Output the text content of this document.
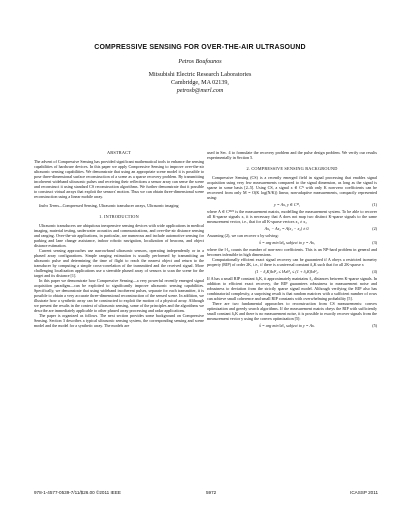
COMPRESSIVE SENSING FOR OVER-THE-AIR ULTRASOUND
Petros Boufounos
Mitsubishi Electric Research Laboratories
Cambridge, MA 02139,
petrosb@merl.com
ABSTRACT

The advent of Compressive Sensing has provided significant mathematical tools to enhance the sensing capabilities of hardware devices. In this paper we apply Compressive Sensing to improve over-the-air ultrasonic sensing capabilities. We demonstrate that using an appropriate scene model it is possible to pose three-dimensional surface reconstruction of a scene as a sparse recovery problem. By transmitting incoherent wideband ultrasonic pulses and receiving their reflections a sensor array can sense the scene and reconstruct it using standard CS reconstruction algorithms. We further demonstrate that it possible to construct virtual arrays that exploit the sensors' motion. Thus we can obtain three-dimensional scene reconstruction using a linear mobile array.

Index Terms—Compressed Sensing, Ultrasonic transducer arrays, Ultrasonic imaging

1. INTRODUCTION

Ultrasonic transducers are ubiquitous inexpensive sensing devices with wide applications in medical imaging, material testing, underwater acoustics and communications, and over-the-air distance sensing and ranging. Over-the-air applications, in particular, are numerous and include automotive sensing for parking and lane change assistance, indoor robotic navigation, localization of beacons, and object distance estimation.

Current sensing approaches use narrowband ultrasonic sensors, operating independently or in a phased array configurations. Simple ranging estimation is usually performed by transmitting an ultrasonic pulse and determining the time of flight to reach the nearest object and return to the transducer by computing a simple cross-correlation of the transmitted and the received signal. More challenging localization applications use a steerable phased array of sensors to scan the scene for the target and its distance [1].

In this paper we demonstrate how Compressive Sensing—a very powerful recently emerged signal acquisition paradigm—can be exploited to significantly improve ultrasonic sensing capabilities. Specifically, we demonstrate that using wideband incoherent pulses, separate for each transmitter, it is possible to obtain a very accurate three-dimensional reconstruction of the sensed scene. In addition, we illustrate how a synthetic array can be constructed to exploit the motion of a physical array. Although we present the results in the context of ultrasonic sensing, some of the principles and the algorithms we describe are immediately applicable to other phased array processing and radar applications.

The paper is organized as follows. The next section provides some background on Compressive Sensing. Section 3 describes a typical ultrasonic sensing system, the corresponding sensing and scene model and the model for a synthetic array. The models are

used in Sec. 4 to formulate the recovery problem and the pulse design problem. We verify our results experimentally in Section 5.

2. COMPRESSIVE SENSING BACKGROUND

Compressive Sensing (CS) is a recently emerged field in signal processing that enables signal acquisition using very few measurements compared to the signal dimension, as long as the signal is sparse in some basis [2–5]. Using CS, a signal x ∈ Cᴺ with only K non-zero coefficients can be recovered from only M = O(K log(N/K)) linear, non-adaptive measurements, compactly represented using:

y = Ax, y ∈ Cᴹ,	(1)

where A ∈ Cᴹˣᴺ is the measurement matrix, modelling the measurement system. To be able to recover all K-sparse signals x, it is necessary that A does not map two distinct K-sparse signals to the same measurement vector, i.e., that for all K-sparse vectors x₁ ≠ x₂

Ax₁ − Ax₂ = A(x₁ − x₂) ≠ 0.	(2)

Assuming (2), we can recover x by solving:

x̂ = arg min ‖x‖₀ subject to y = Ax,	(3)

where the ‖·‖₀ counts the number of non-zero coefficients. This is an NP-hard problem in general and becomes infeasible in high dimensions.

Computationally efficient exact signal recovery can be guaranteed if A obeys a restricted isometry property (RIP) of order 2K, i.e., if there is a universal constant δ₂K such that for all 2K-sparse x

(1 − δ₂K)‖x‖²₂ ≤ ‖Ax‖²₂ ≤ (1 + δ₂K)‖x‖²₂.	(4)

If A has a small RIP constant δ₂K, it approximately maintains ℓ₂ distances between K-sparse signals. In addition to efficient exact recovery, the RIP guarantees robustness to measurement noise and robustness to deviation from the strictly sparse signal model. Although verifying the RIP also has combinatorial complexity, a surprising result is that random matrices with a sufficient number of rows can achieve small coherence and small RIP constants with overwhelming probability [5].

There are two fundamental approaches to reconstruction from CS measurements: convex optimization and greedy search algorithms. If the measurement matrix obeys the RIP with sufficiently small constant δ₂K and there is no measurement noise, it is possible to exactly recover signals from the measurement vector y using the convex optimization [5]:

x̂ = arg min ‖x‖₁ subject to y = Ax.	(5)
978-1-4577-0539-7/11/$26.00 ©2011 IEEE	5972	ICASSP 2011
